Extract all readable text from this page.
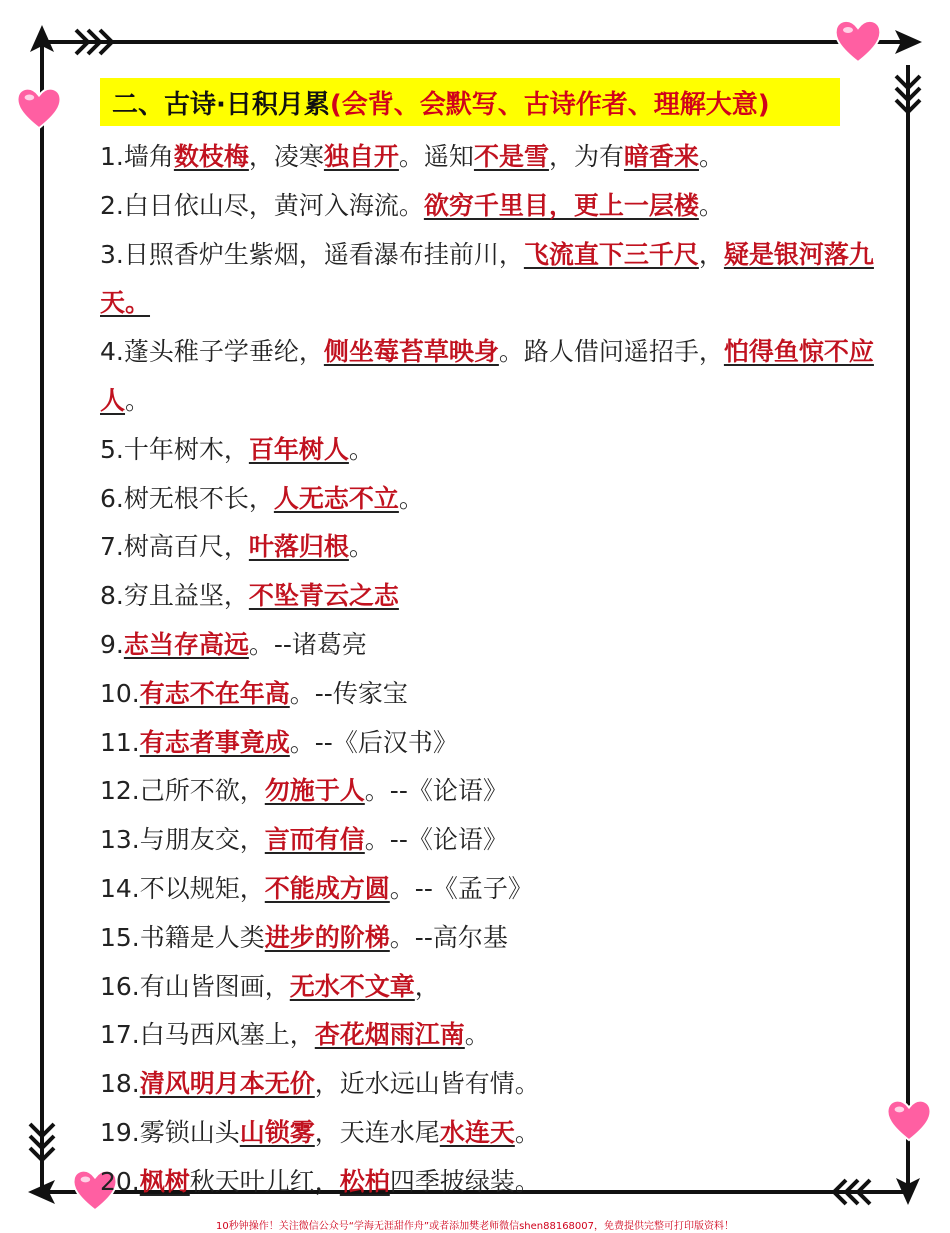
二、古诗·日积月累 (会背、会默写、古诗作者、理解大意)
1.墙角数枝梅，凌寒独自开。遥知不是雪，为有暗香来。
2.白日依山尽，黄河入海流。欲穷千里目，更上一层楼。
3.日照香炉生紫烟，遥看瀑布挂前川，飞流直下三千尺，疑是银河落九天。
4.蓬头稚子学垂纶，侧坐莓苔草映身。路人借问遥招手，怕得鱼惊不应人。
5.十年树木，百年树人。
6.树无根不长，人无志不立。
7.树高百尺，叶落归根。
8.穷且益坚，不坠青云之志
9.志当存高远。--诸葛亮
10.有志不在年高。--传家宝
11.有志者事竟成。--《后汉书》
12.己所不欲，勿施于人。--《论语》
13.与朋友交，言而有信。--《论语》
14.不以规矩，不能成方圆。--《孟子》
15.书籍是人类进步的阶梯。--高尔基
16.有山皆图画，无水不文章，
17.白马西风塞上，杏花烟雨江南。
18.清风明月本无价，近水远山皆有情。
19.雾锁山头山锁雾，天连水尾水连天。
20.枫树秋天叶儿红，松柏四季披绿装。
10秒钟操作！关注微信公众号“学海无涯甜作舟”或者添加樊老师微信shen88168007，免费提供完整可打印版资料！
